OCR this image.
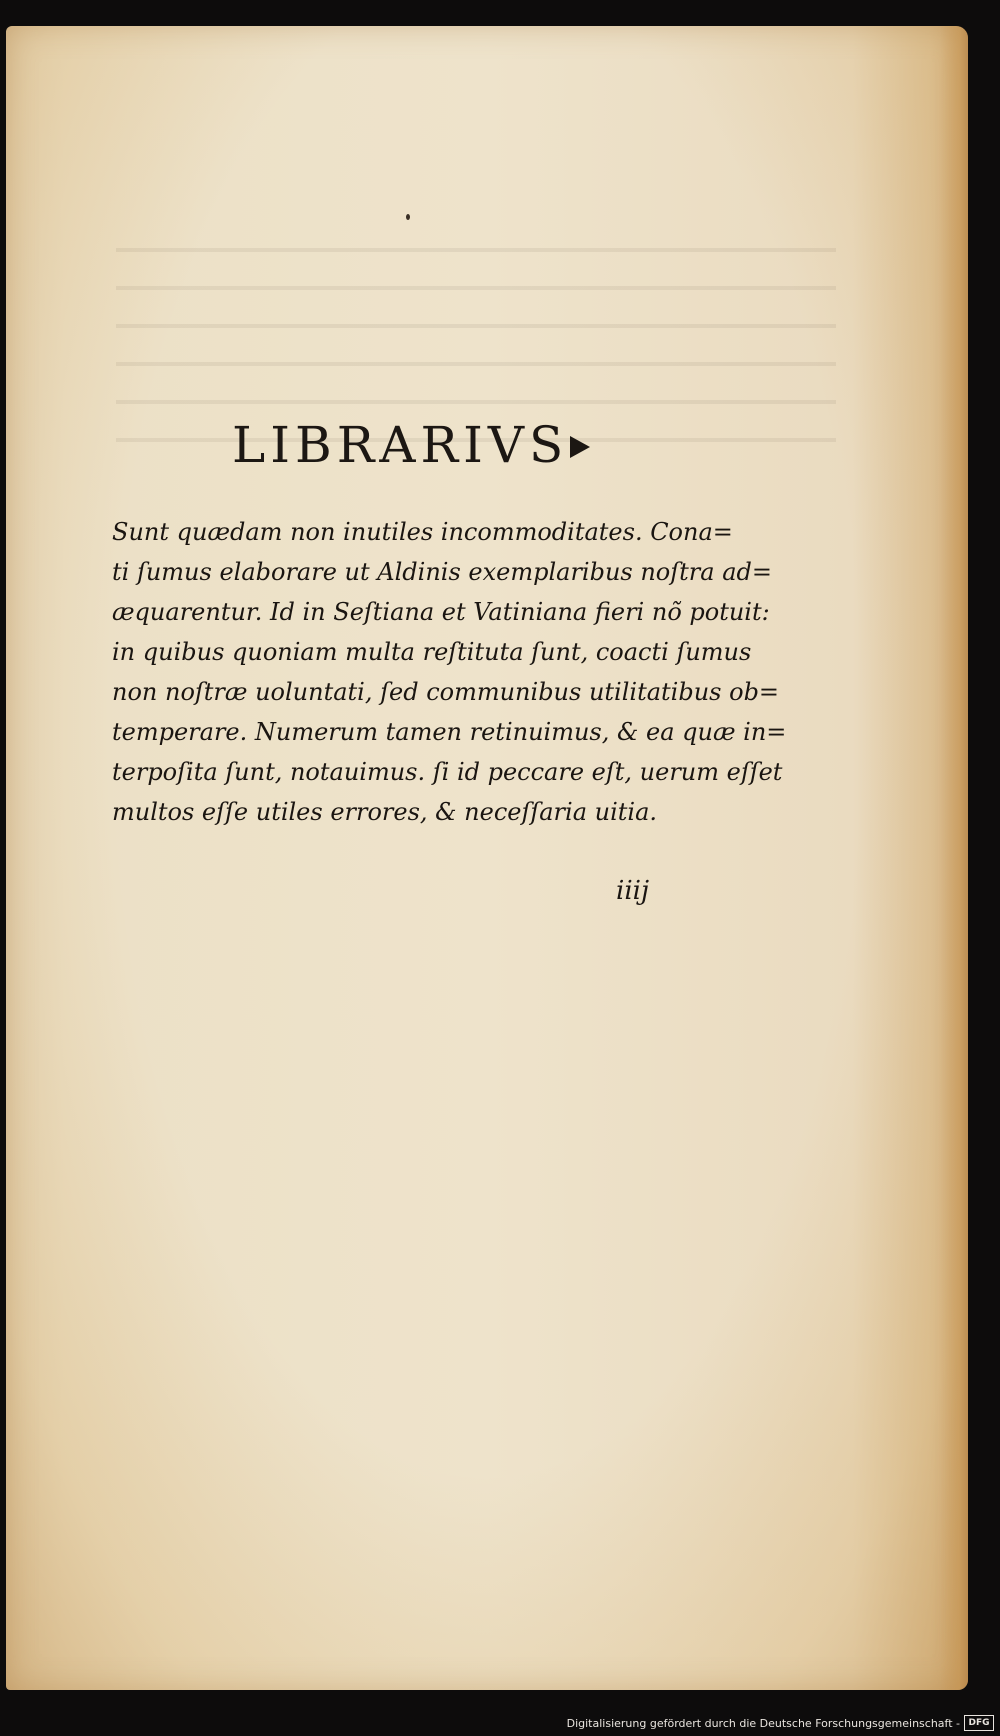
LIBRARIVS
Sunt quædam non inutiles incommoditates. Cona=
ti ſumus elaborare ut Aldinis exemplaribus noſtra ad=
æquarentur. Id in Seſtiana et Vatiniana fieri nõ potuit:
in quibus quoniam multa reſtituta ſunt, coacti ſumus
non noſtræ uoluntati, ſed communibus utilitatibus ob=
temperare. Numerum tamen retinuimus, & ea quæ in=
terpoſita ſunt, notauimus. ſi id peccare eſt, uerum eſſet
multos eſſe utiles errores, & neceſſaria uitia.

iiij

Digitalisierung gefördert durch die Deutsche Forschungsgemeinschaft - DFG
